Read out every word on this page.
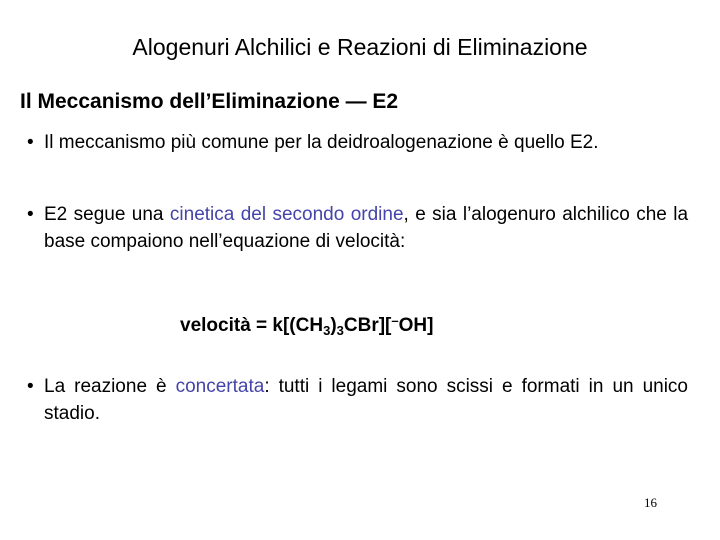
Alogenuri Alchilici e Reazioni di Eliminazione
Il Meccanismo dell’Eliminazione — E2
• Il meccanismo più comune per la deidroalogenazione è quello E2.
• E2 segue una cinetica del secondo ordine, e sia l’alogenuro alchilico che la base compaiono nell’equazione di velocità:
velocità = $k[(CH_3)_3CBr][^-OH]$
• La reazione è concertata: tutti i legami sono scissi e formati in un unico stadio.
16
